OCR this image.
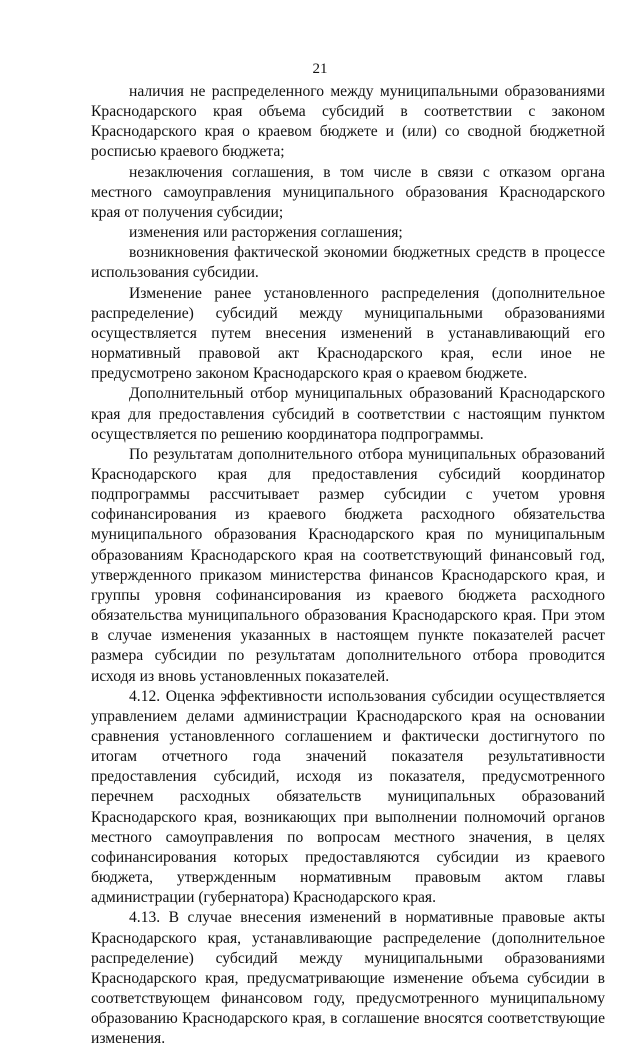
21

наличия не распределенного между муниципальными образованиями Краснодарского края объема субсидий в соответствии с законом Краснодарского края о краевом бюджете и (или) со сводной бюджетной росписью краевого бюджета;

незаключения соглашения, в том числе в связи с отказом органа местного самоуправления муниципального образования Краснодарского края от получения субсидии;

изменения или расторжения соглашения;

возникновения фактической экономии бюджетных средств в процессе использования субсидии.

Изменение ранее установленного распределения (дополнительное распределение) субсидий между муниципальными образованиями осуществляется путем внесения изменений в устанавливающий его нормативный правовой акт Краснодарского края, если иное не предусмотрено законом Краснодарского края о краевом бюджете.

Дополнительный отбор муниципальных образований Краснодарского края для предоставления субсидий в соответствии с настоящим пунктом осуществляется по решению координатора подпрограммы.

По результатам дополнительного отбора муниципальных образований Краснодарского края для предоставления субсидий координатор подпрограммы рассчитывает размер субсидии с учетом уровня софинансирования из краевого бюджета расходного обязательства муниципального образования Краснодарского края по муниципальным образованиям Краснодарского края на соответствующий финансовый год, утвержденного приказом министерства финансов Краснодарского края, и группы уровня софинансирования из краевого бюджета расходного обязательства муниципального образования Краснодарского края. При этом в случае изменения указанных в настоящем пункте показателей расчет размера субсидии по результатам дополнительного отбора проводится исходя из вновь установленных показателей.

4.12. Оценка эффективности использования субсидии осуществляется управлением делами администрации Краснодарского края на основании сравнения установленного соглашением и фактически достигнутого по итогам отчетного года значений показателя результативности предоставления субсидий, исходя из показателя, предусмотренного перечнем расходных обязательств муниципальных образований Краснодарского края, возникающих при выполнении полномочий органов местного самоуправления по вопросам местного значения, в целях софинансирования которых предоставляются субсидии из краевого бюджета, утвержденным нормативным правовым актом главы администрации (губернатора) Краснодарского края.

4.13. В случае внесения изменений в нормативные правовые акты Краснодарского края, устанавливающие распределение (дополнительное распределение) субсидий между муниципальными образованиями Краснодарского края, предусматривающие изменение объема субсидии в соответствующем финансовом году, предусмотренного муниципальному образованию Краснодарского края, в соглашение вносятся соответствующие изменения.
